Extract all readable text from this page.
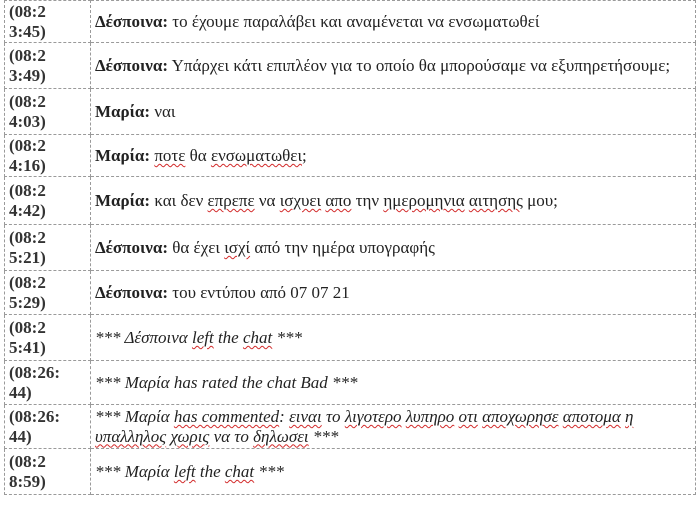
(08:2
3:45)	Δέσποινα: το έχουμε παραλάβει και αναμένεται να ενσωματωθεί
(08:2
3:49)	Δέσποινα: Υπάρχει κάτι επιπλέον για το οποίο θα μπορούσαμε να εξυπηρετήσουμε;
(08:2
4:03)	Μαρία: ναι
(08:2
4:16)	Μαρία: ποτε θα ενσωματωθει;
(08:2
4:42)	Μαρία: και δεν επρεπε να ισχυει απο την ημερομηνια αιτησης μου;
(08:2
5:21)	Δέσποινα: θα έχει ισχί από την ημέρα υπογραφής
(08:2
5:29)	Δέσποινα: του εντύπου από 07 07 21
(08:2
5:41)	*** Δέσποινα left the chat ***
(08:26:
44)	*** Μαρία has rated the chat Bad ***
(08:26:
44)	*** Μαρία has commented: ειναι το λιγοτερο λυπηρο οτι αποχωρησε αποτομα η υπαλληλος χωρις να το δηλωσει ***
(08:2
8:59)	*** Μαρία left the chat ***
